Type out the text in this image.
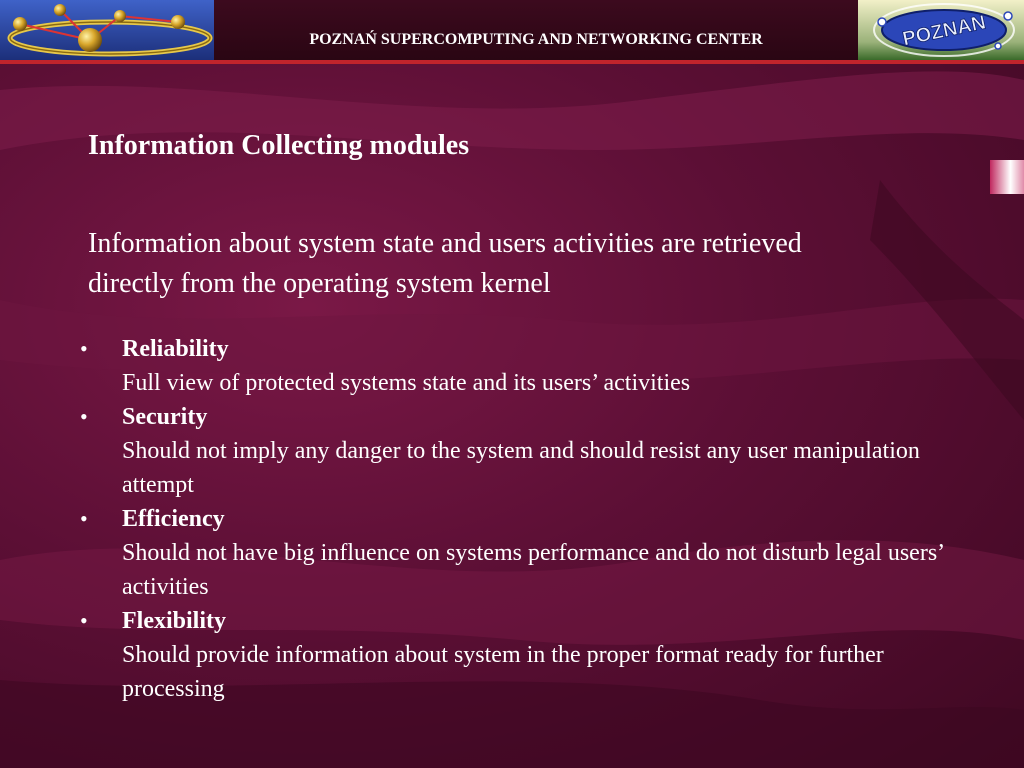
POZNAŃ SUPERCOMPUTING AND NETWORKING CENTER	POZNAN
Information Collecting modules

Information about system state and users activities are retrieved directly from the operating system kernel

• Reliability
Full view of protected systems state and its users’ activities
• Security
Should not imply any danger to the system and should resist any user manipulation attempt
• Efficiency
Should not have big influence on systems performance and do not disturb legal users’ activities
• Flexibility
Should provide information about system in the proper format ready for further processing
